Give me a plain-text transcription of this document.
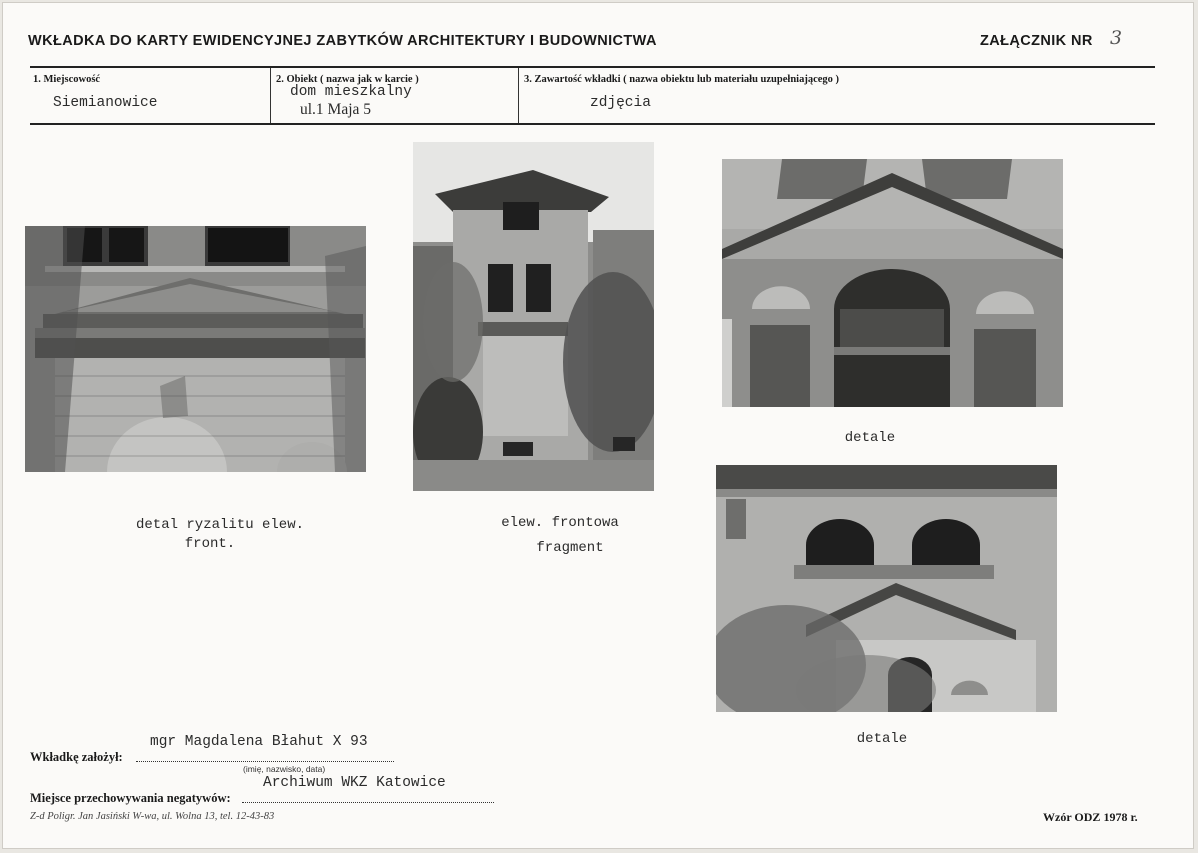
WKŁADKA DO KARTY EWIDENCYJNEJ ZABYTKÓW ARCHITEKTURY I BUDOWNICTWA	ZAŁĄCZNIK NR 3
1. Miejscowość
Siemianowice
2. Obiekt ( nazwa jak w karcie )
dom mieszkalny
ul.1 Maja 5
3. Zawartość wkładki ( nazwa obiektu lub materiału uzupełniającego )
zdjęcia
detal ryzalitu elew.
front.
elew. frontowa
fragment
detale
detale
mgr Magdalena Błahut X 93
Wkładkę założył:
(imię, nazwisko, data)
Archiwum WKZ Katowice
Miejsce przechowywania negatywów:
Z-d Poligr. Jan Jasiński W-wa, ul. Wolna 13, tel. 12-43-83	Wzór ODZ 1978 r.
